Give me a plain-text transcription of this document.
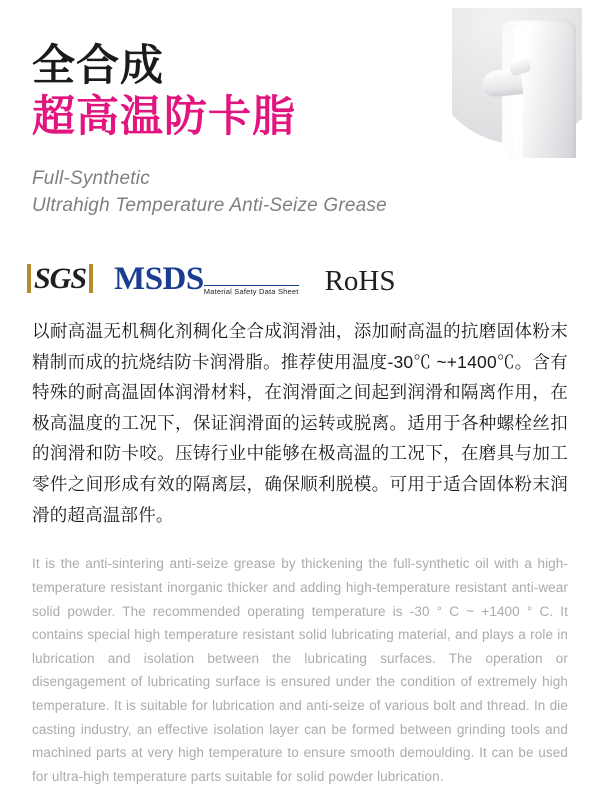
全合成
超高温防卡脂
Full-Synthetic
Ultrahigh Temperature Anti-Seize Grease
SGS MSDS Material Safety Data Sheet RoHS
以耐高温无机稠化剂稠化全合成润滑油，添加耐高温的抗磨固体粉末精制而成的抗烧结防卡润滑脂。推荐使用温度-30℃ ~+1400℃。含有特殊的耐高温固体润滑材料，在润滑面之间起到润滑和隔离作用，在极高温度的工况下，保证润滑面的运转或脱离。适用于各种螺栓丝扣的润滑和防卡咬。压铸行业中能够在极高温的工况下，在磨具与加工零件之间形成有效的隔离层，确保顺利脱模。可用于适合固体粉末润滑的超高温部件。
It is the anti-sintering anti-seize grease by thickening the full-synthetic oil with a high-temperature resistant inorganic thicker and adding high-temperature resistant anti-wear solid powder. The recommended operating temperature is -30 ° C ~ +1400 ° C. It contains special high temperature resistant solid lubricating material, and plays a role in lubrication and isolation between the lubricating surfaces. The operation or disengagement of lubricating surface is ensured under the condition of extremely high temperature. It is suitable for lubrication and anti-seize of various bolt and thread. In die casting industry, an effective isolation layer can be formed between grinding tools and machined parts at very high temperature to ensure smooth demoulding. It can be used for ultra-high temperature parts suitable for solid powder lubrication.
